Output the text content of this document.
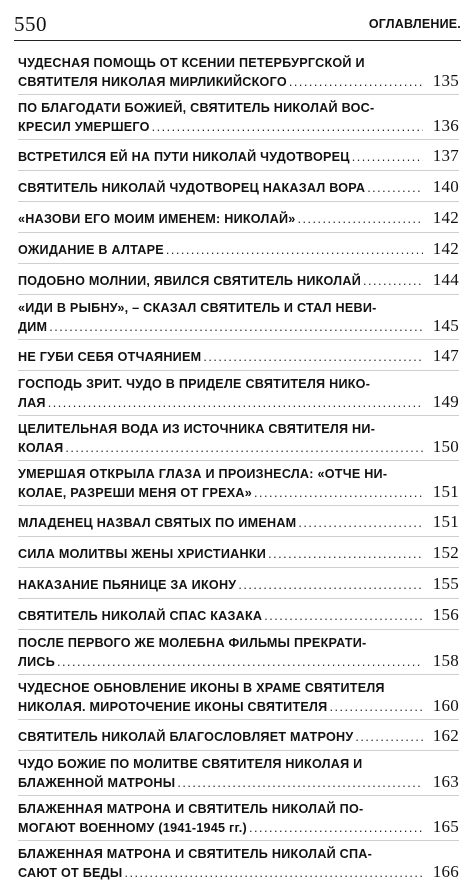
550	ОГЛАВЛЕНИЕ.
ЧУДЕСНАЯ ПОМОЩЬ ОТ КСЕНИИ ПЕТЕРБУРГСКОЙ И
СВЯТИТЕЛЯ НИКОЛАЯ МИРЛИКИЙСКОГО . . .	135
ПО БЛАГОДАТИ БОЖИЕЙ, СВЯТИТЕЛЬ НИКОЛАЙ ВОС-
КРЕСИЛ УМЕРШЕГО . . .	136
ВСТРЕТИЛСЯ ЕЙ НА ПУТИ НИКОЛАЙ ЧУДОТВОРЕЦ . . .	137
СВЯТИТЕЛЬ НИКОЛАЙ ЧУДОТВОРЕЦ НАКАЗАЛ ВОРА . . .	140
«НАЗОВИ ЕГО МОИМ ИМЕНЕМ: НИКОЛАЙ» . . .	142
ОЖИДАНИЕ В АЛТАРЕ . . .	142
ПОДОБНО МОЛНИИ, ЯВИЛСЯ СВЯТИТЕЛЬ НИКОЛАЙ . . .	144
«ИДИ В РЫБНУ», – СКАЗАЛ СВЯТИТЕЛЬ И СТАЛ НЕВИ-
ДИМ . . .	145
НЕ ГУБИ СЕБЯ ОТЧАЯНИЕМ . . .	147
ГОСПОДЬ ЗРИТ. ЧУДО В ПРИДЕЛЕ СВЯТИТЕЛЯ НИКО-
ЛАЯ . . .	149
ЦЕЛИТЕЛЬНАЯ ВОДА ИЗ ИСТОЧНИКА СВЯТИТЕЛЯ НИ-
КОЛАЯ . . .	150
УМЕРШАЯ ОТКРЫЛА ГЛАЗА И ПРОИЗНЕСЛА: «ОТЧЕ НИ-
КОЛАЕ, РАЗРЕШИ МЕНЯ ОТ ГРЕХА» . . .	151
МЛАДЕНЕЦ НАЗВАЛ СВЯТЫХ ПО ИМЕНАМ . . .	151
СИЛА МОЛИТВЫ ЖЕНЫ ХРИСТИАНКИ . . .	152
НАКАЗАНИЕ ПЬЯНИЦЕ ЗА ИКОНУ . . .	155
СВЯТИТЕЛЬ НИКОЛАЙ СПАС КАЗАКА . . .	156
ПОСЛЕ ПЕРВОГО ЖЕ МОЛЕБНА ФИЛЬМЫ ПРЕКРАТИ-
ЛИСЬ . . .	158
ЧУДЕСНОЕ ОБНОВЛЕНИЕ ИКОНЫ В ХРАМЕ СВЯТИТЕЛЯ
НИКОЛАЯ. МИРОТОЧЕНИЕ ИКОНЫ СВЯТИТЕЛЯ . . .	160
СВЯТИТЕЛЬ НИКОЛАЙ БЛАГОСЛОВЛЯЕТ МАТРОНУ . . .	162
ЧУДО БОЖИЕ ПО МОЛИТВЕ СВЯТИТЕЛЯ НИКОЛАЯ И
БЛАЖЕННОЙ МАТРОНЫ . . .	163
БЛАЖЕННАЯ МАТРОНА И СВЯТИТЕЛЬ НИКОЛАЙ ПО-
МОГАЮТ ВОЕННОМУ (1941-1945 гг.) . . .	165
БЛАЖЕННАЯ МАТРОНА И СВЯТИТЕЛЬ НИКОЛАЙ СПА-
САЮТ ОТ БЕДЫ . . .	166
